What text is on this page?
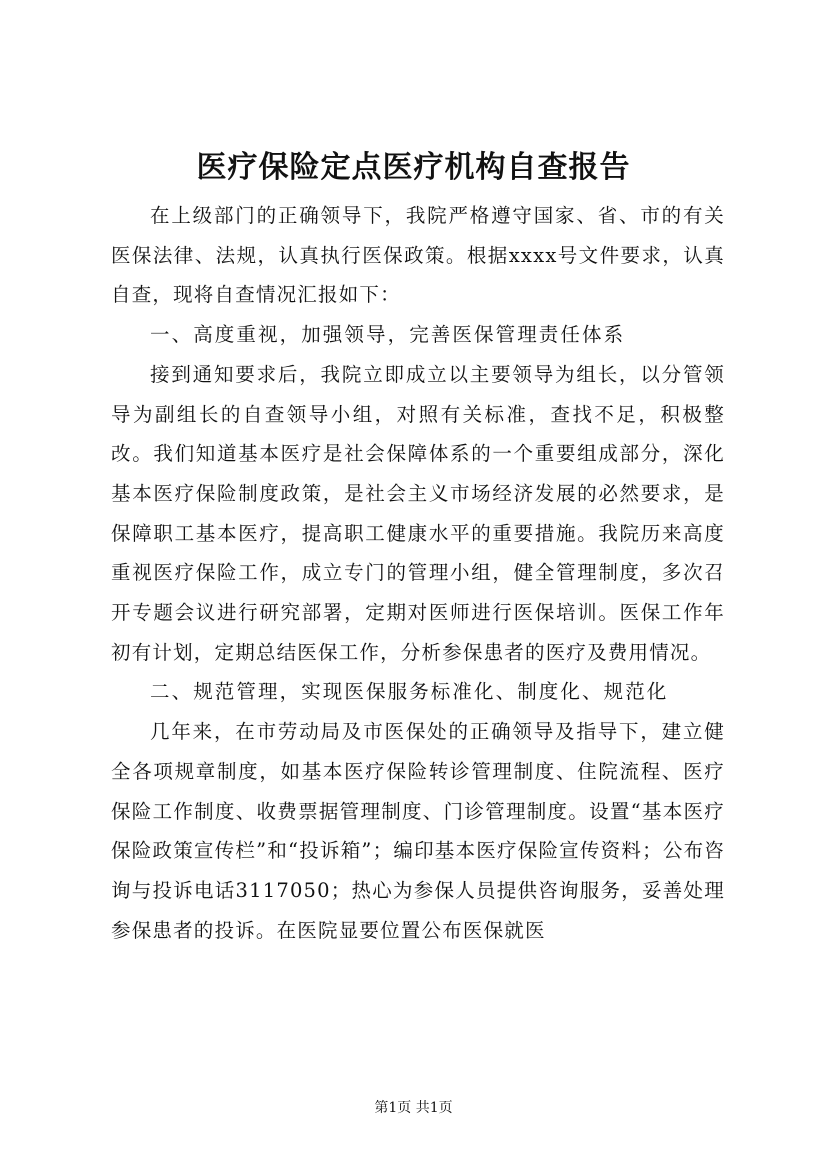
医疗保险定点医疗机构自查报告

在上级部门的正确领导下，我院严格遵守国家、省、市的有关医保法律、法规，认真执行医保政策。根据xxxx号文件要求，认真自查，现将自查情况汇报如下：

一、高度重视，加强领导，完善医保管理责任体系

接到通知要求后，我院立即成立以主要领导为组长，以分管领导为副组长的自查领导小组，对照有关标准，查找不足，积极整改。我们知道基本医疗是社会保障体系的一个重要组成部分，深化基本医疗保险制度政策，是社会主义市场经济发展的必然要求，是保障职工基本医疗，提高职工健康水平的重要措施。我院历来高度重视医疗保险工作，成立专门的管理小组，健全管理制度，多次召开专题会议进行研究部署，定期对医师进行医保培训。医保工作年初有计划，定期总结医保工作，分析参保患者的医疗及费用情况。

二、规范管理，实现医保服务标准化、制度化、规范化

几年来，在市劳动局及市医保处的正确领导及指导下，建立健全各项规章制度，如基本医疗保险转诊管理制度、住院流程、医疗保险工作制度、收费票据管理制度、门诊管理制度。设置“基本医疗保险政策宣传栏”和“投诉箱”；编印基本医疗保险宣传资料；公布咨询与投诉电话3117050；热心为参保人员提供咨询服务，妥善处理参保患者的投诉。在医院显要位置公布医保就医

第1页 共1页
